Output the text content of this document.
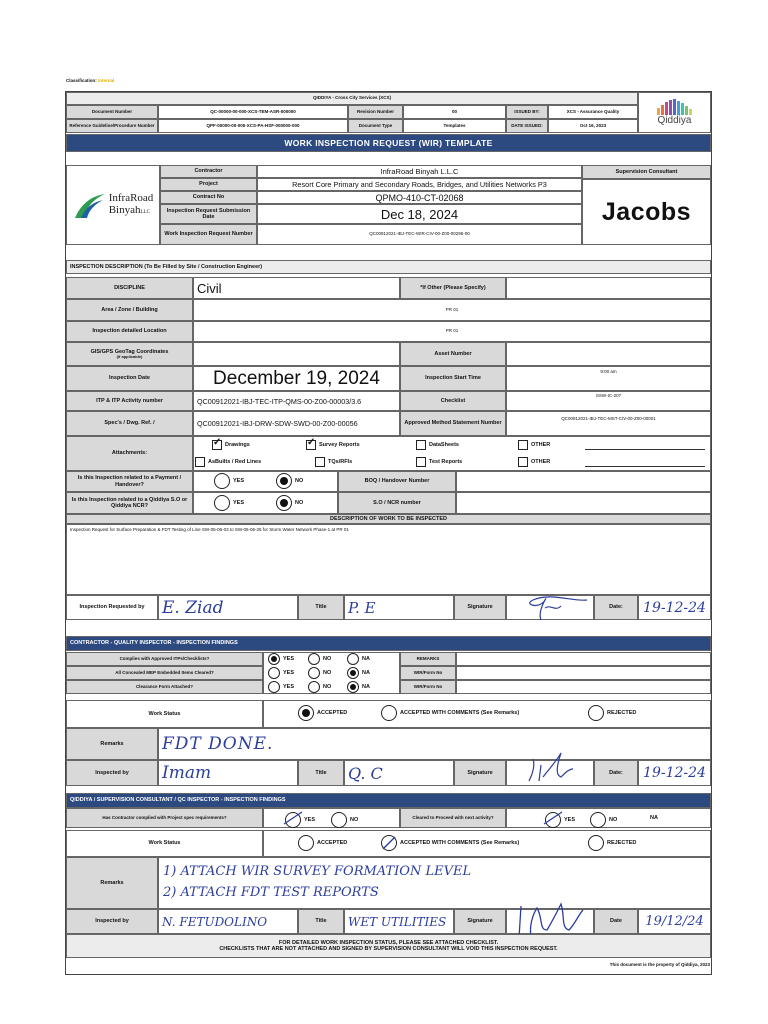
Classification: Internal
QIDDIYA - Cross City Services (XCS)
Document Number	QC-00000-00-000-XCS-TEM-ASR-000000	Revision Number	00	ISSUED BY:	XCS - Assurance Quality
Reference Guideline/Procedure Number	QPF-00000-00-000-XCS-PA-HSF-000000-000	Document Type	Templates	DATE ISSUED:	Oct 16, 2023	Qiddiya
WORK INSPECTION REQUEST (WIR) TEMPLATE
InfraRoad
BinyahLLC
Contractor	InfraRoad Binyah L.L.C
Project	Resort Core Primary and Secondary Roads, Bridges, and Utilities Networks P3
Contract No	QPMO-410-CT-02068
Inspection Request Submission Date	Dec 18, 2024
Work Inspection Request Number	QC00912021-IBJ-TEC-WIR-CIV-00-Z00-00296-00
Supervision Consultant
Jacobs
INSPECTION DESCRIPTION (To Be Filled by Site / Construction Engineer)
DISCIPLINE	Civil	*If Other (Please Specify)
Area / Zone / Building	PR 01
Inspection detailed Location	PR 01
GIS/GPS GeoTag Coordinates
(If applicable)	Asset Number
Inspection Date	December 19, 2024	Inspection Start Time
9:00 am
ITP & ITP Activity number	QC00912021-IBJ-TEC-ITP-QMS-00-Z00-00003/3.6	Checklist
SSW-IC-207
Spec's / Dwg. Ref. /	QC00912021-IBJ-DRW-SDW-SWD-00-Z00-00056	Approved Method Statement Number
QC00912021-IBJ-TEC-MST-CIV-00-Z00-00001
Attachments:
✓
Drawings
✓	Survey Reports	DataSheets	OTHER
AsBuilts / Red Lines	TQs/RFIs	Test Reports	OTHER
Is this Inspection related to a Payment / Handover?
YES	NO	BOQ / Handover Number
Is this Inspection related to a Qiddiya S.O or Qiddiya NCR?	YES	NO	S.O / NCR number
DESCRIPTION OF WORK TO BE INSPECTED
Inspection Request for Surface Preparation & FDT Testing of Line SW-05-06-03 to SW-05-06-25 for Storm Water Network Phase-1 at PR 01
Inspection Requested by	E. Ziad	Title	P. E	Signature	Date:	19-12-24
CONTRACTOR - QUALITY INSPECTOR - INSPECTION FINDINGS
Complies with Approved ITPs/Checklists?
All Concealed MEP Embedded Items Cleared?
Clearance Form Attached?
YES	NO	NA
YES	NO	NA
YES	NO	NA
REMARKS
WIR/Form No
WIR/Form No
Work Status	ACCEPTED	ACCEPTED WITH COMMENTS (See Remarks)	REJECTED
Remarks	FDT DONE.
Inspected by	Imam	Title	Q. C	Signature	Date:	19-12-24
QIDDIYA / SUPERVISION CONSULTANT / QC INSPECTOR - INSPECTION FINDINGS
Has Contractor complied with Project spec requirements?	YES	NO	Cleared to Proceed with next activity?	YES	NO	NA
Work Status	ACCEPTED	ACCEPTED WITH COMMENTS (See Remarks)	REJECTED
Remarks
1) ATTACH WIR SURVEY FORMATION LEVEL
2) ATTACH FDT TEST REPORTS
Inspected by	N. FETUDOLINO	Title	WET UTILITIES	Signature	Date	19/12/24
FOR DETAILED WORK INSPECTION STATUS, PLEASE SEE ATTACHED CHECKLIST.
CHECKLISTS THAT ARE NOT ATTACHED AND SIGNED BY SUPERVISION CONSULTANT WILL VOID THIS INSPECTION REQUEST.
This document is the property of Qiddiya, 2023
